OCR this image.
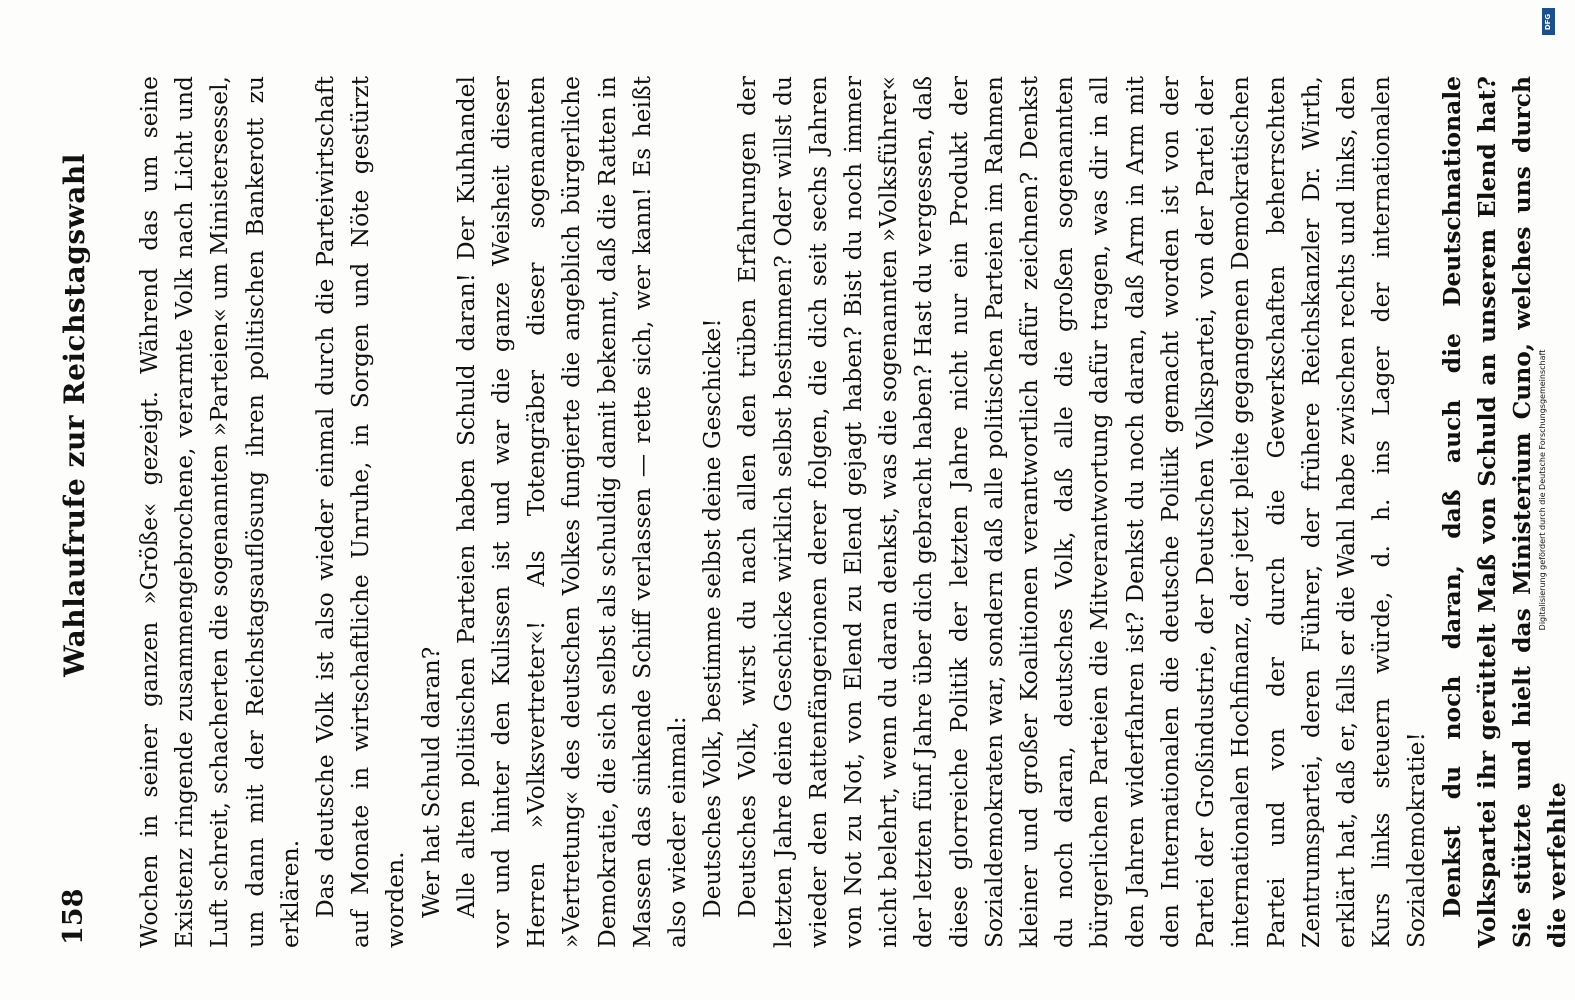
158
Wahlaufrufe zur Reichstagswahl Wochen in seiner ganzen »Größe« gezeigt. Während das um seine Existenz ringende zusammengebrochene, verarmte Volk nach Licht und Luft schreit, schacherten die sogenannten »Parteien« um Ministersessel, um dann mit der Reichstagsauflösung ihren politischen Bankerott zu erklären. Das deutsche Volk ist also wieder einmal durch die Parteiwirtschaft auf Monate in wirtschaftliche Unruhe, in Sorgen und Nöte gestürzt worden. Wer hat Schuld daran? Alle alten politischen Parteien haben Schuld daran! Der Kuhhandel vor und hinter den Kulissen ist und war die ganze Weisheit dieser Herren »Volksvertreter«! Als Totengräber dieser sogenannten »Vertretung« des deutschen Volkes fungierte die angeblich bürgerliche Demokratie, die sich selbst als schuldig damit bekennt, daß die Ratten in Massen das sinkende Schiff verlassen — rette sich, wer kann! Es heißt also wieder einmal: Deutsches Volk, bestimme selbst deine Geschicke! Deutsches Volk, wirst du nach allen den trüben Erfahrungen der letzten Jahre deine Geschicke wirklich selbst bestimmen? Oder willst du wieder den Rattenfängerionen derer folgen, die dich seit sechs Jahren von Not zu Not, von Elend zu Elend gejagt haben? Bist du noch immer nicht belehrt, wenn du daran denkst, was die sogenannten »Volksführer« der letzten fünf Jahre über dich gebracht haben? Hast du vergessen, daß diese glorreiche Politik der letzten Jahre nicht nur ein Produkt der Sozialdemokraten war, sondern daß alle politischen Parteien im Rahmen kleiner und großer Koalitionen verantwortlich dafür zeichnen? Denkst du noch daran, deutsches Volk, daß alle die großen sogenannten bürgerlichen Parteien die Mitverantwortung dafür tragen, was dir in all den Jahren widerfahren ist? Denkst du noch daran, daß Arm in Arm mit den Internationalen die deutsche Politik gemacht worden ist von der Partei der Großindustrie, der Deutschen Volkspartei, von der Partei der internationalen Hochfinanz, der jetzt pleite gegangenen Demokratischen Partei und von der durch die Gewerkschaften beherrschten Zentrumspartei, deren Führer, der frühere Reichskanzler Dr. Wirth, erklärt hat, daß er, falls er die Wahl habe zwischen rechts und links, den Kurs links steuern würde, d. h. ins Lager der internationalen Sozialdemokratie! Denkst du noch daran, daß auch die Deutschnationale Volkspartei ihr gerüttelt Maß von Schuld an unserem Elend hat? Sie stützte und hielt das Ministerium Cuno, welches uns durch die verfehlte

DFG
Digitalisierung gefördert durch die Deutsche Forschungsgemeinschaft
